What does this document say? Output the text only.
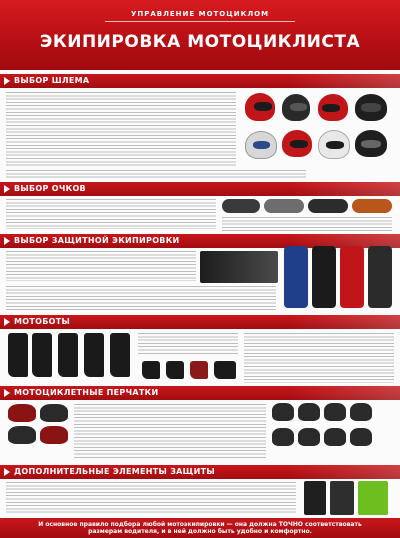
УПРАВЛЕНИЕ МОТОЦИКЛОМ
ЭКИПИРОВКА МОТОЦИКЛИСТА
ВЫБОР ШЛЕМА
ВЫБОР ОЧКОВ
ВЫБОР ЗАЩИТНОЙ ЭКИПИРОВКИ
МОТОБОТЫ
МОТОЦИКЛЕТНЫЕ ПЕРЧАТКИ
ДОПОЛНИТЕЛЬНЫЕ ЭЛЕМЕНТЫ ЗАЩИТЫ
И основное правило подбора любой мотоэкипировки — она должна ТОЧНО соответствовать
размерам водителя, и в ней должно быть удобно и комфортно.
